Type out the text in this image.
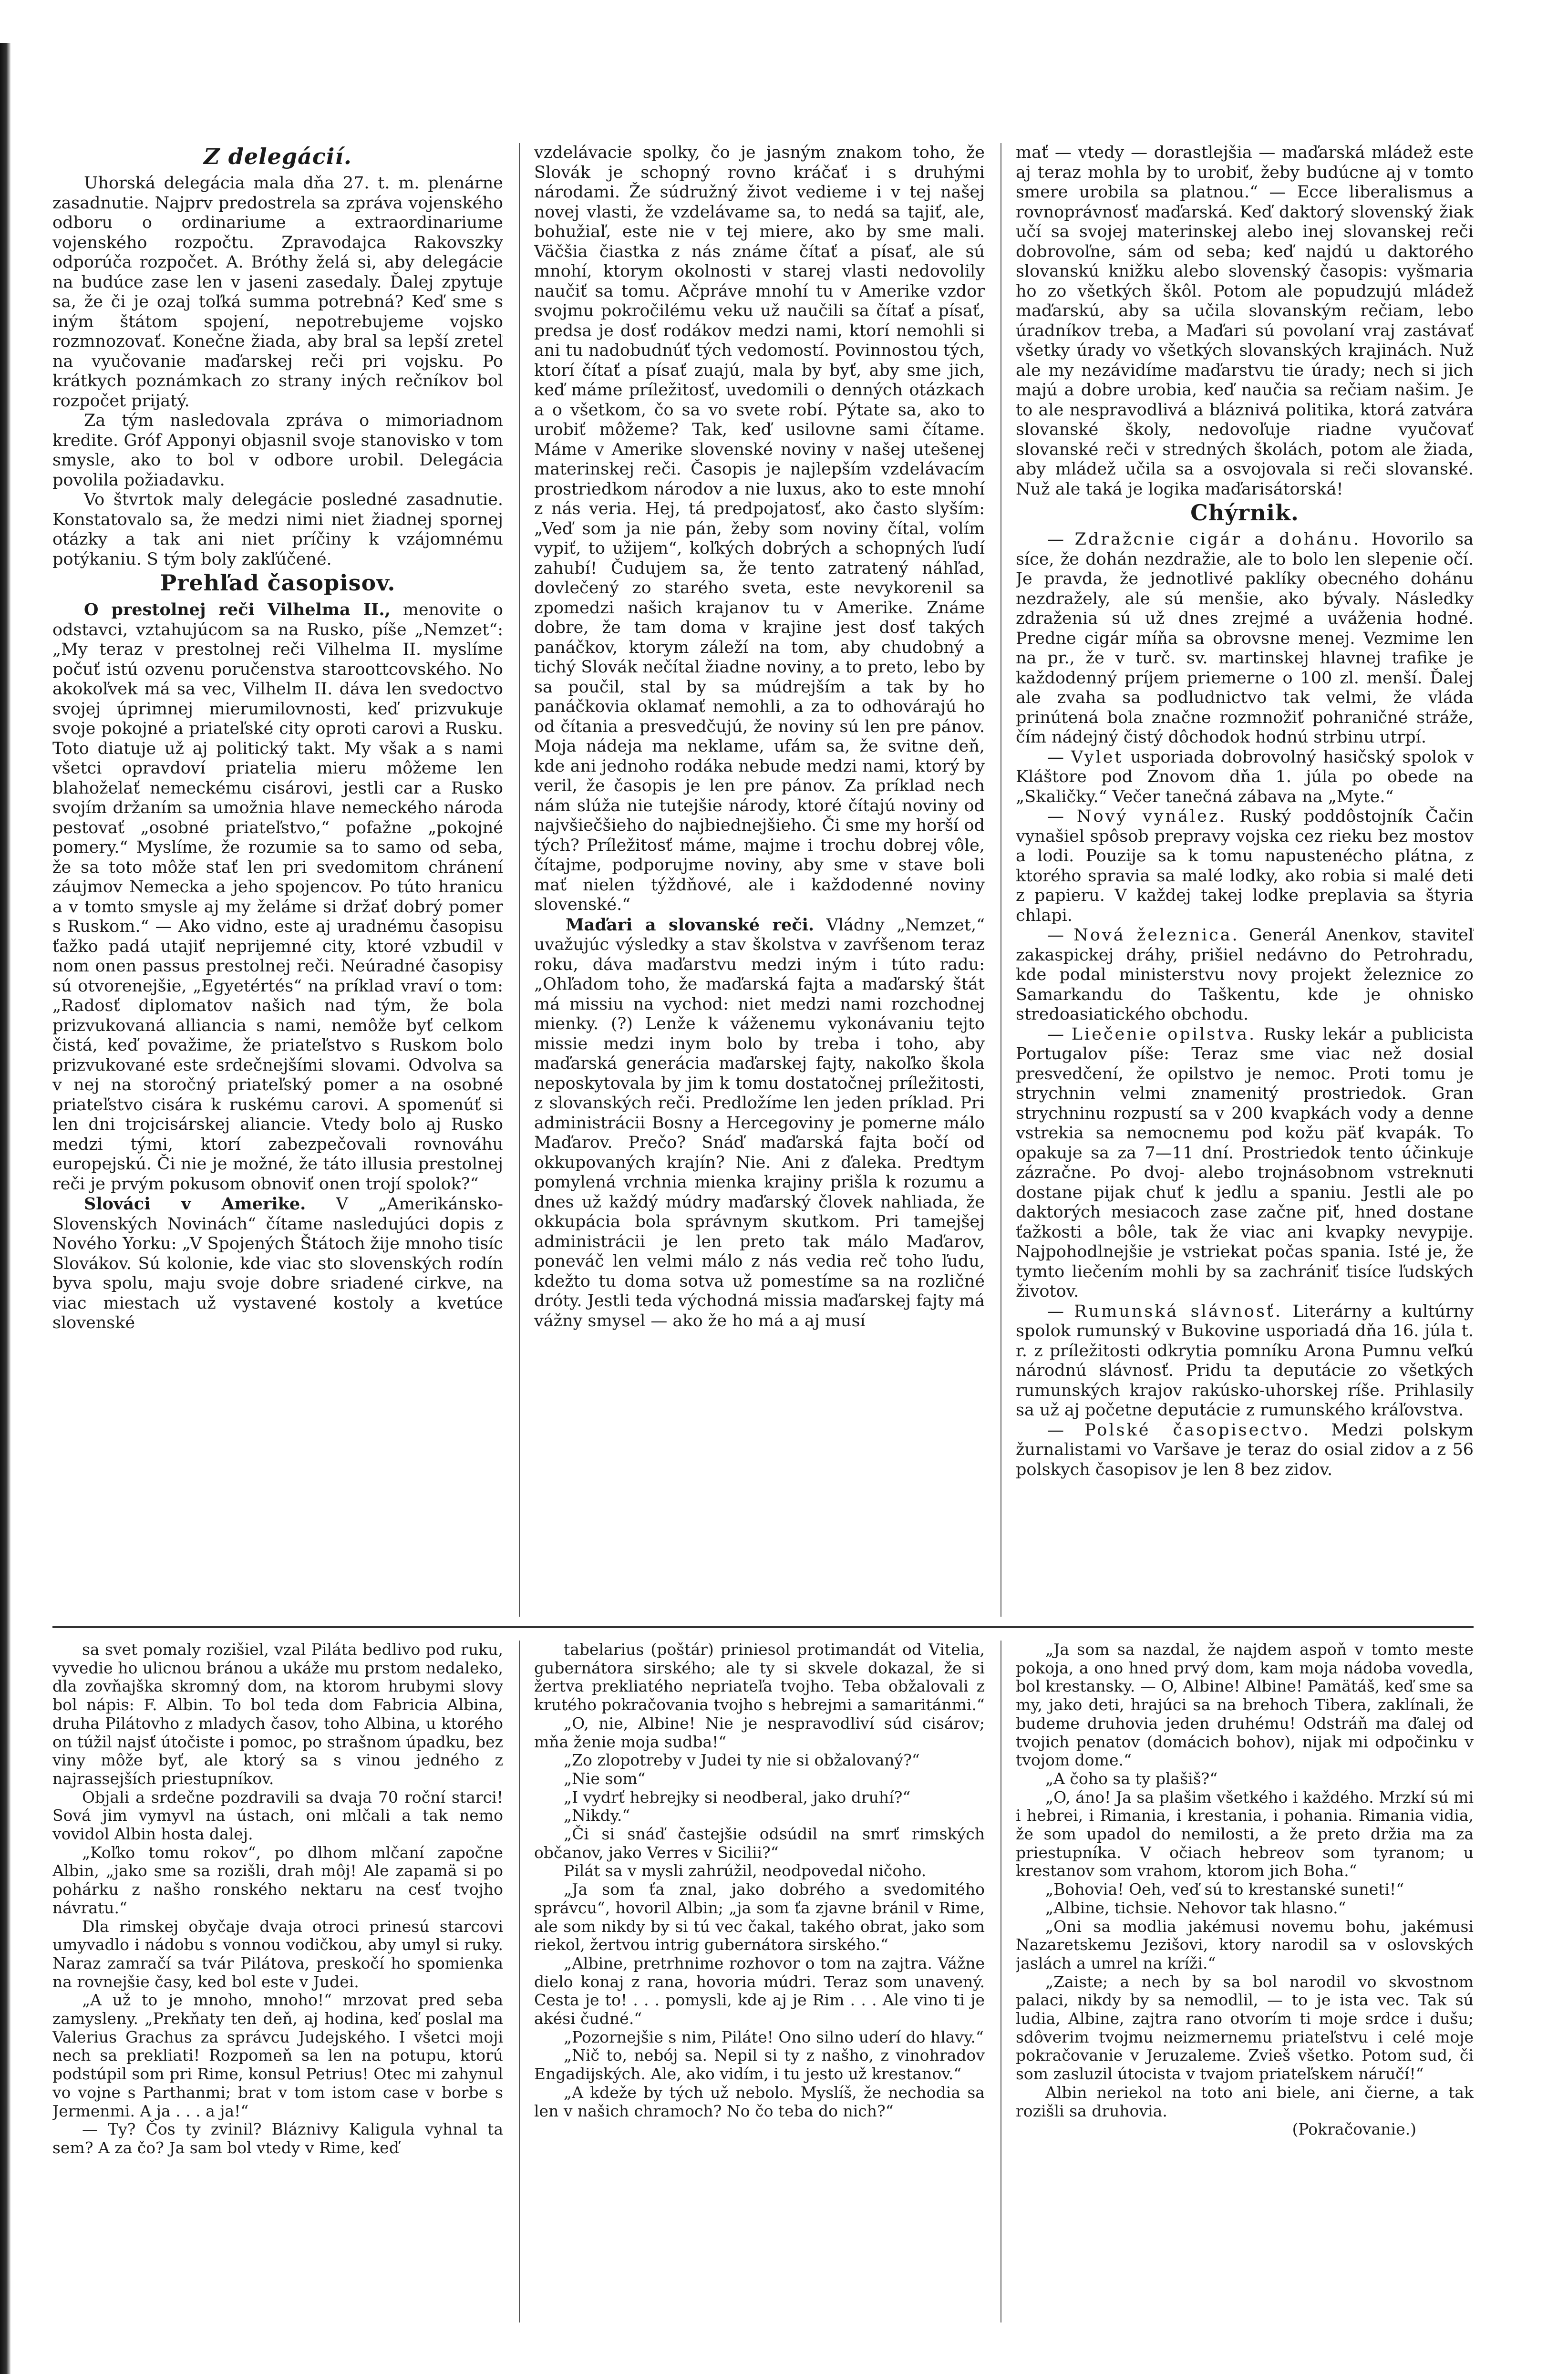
Z delegácií.

Uhorská delegácia mala dňa 27. t. m. plenárne zasadnutie. Najprv predostrela sa zpráva vojenského odboru o ordinariume a extraordinariume vojenského rozpočtu. Zpravodajca Rakovszky odporúča rozpočet. A. Bróthy želá si, aby delegácie na budúce zase len v jaseni zasedaly. Ďalej zpytuje sa, že či je ozaj toľká summa potrebná? Keď sme s iným štátom spojení, nepotrebujeme vojsko rozmnozovať. Konečne žiada, aby bral sa lepší zreteľ na vyučovanie maďarskej reči pri vojsku. Po krátkych poznámkach zo strany iných rečníkov bol rozpočet prijatý.

Za tým nasledovala zpráva o mimoriadnom kredite. Gróf Apponyi objasnil svoje stanovisko v tom smysle, ako to bol v odbore urobil. Delegácia povolila požiadavku.

Vo štvrtok maly delegácie posledné zasadnutie. Konstatovalo sa, že medzi nimi niet žiadnej spornej otázky a tak ani niet príčiny k vzájomnému potýkaniu. S tým boly zakľúčené.

Prehľad časopisov.

O prestolnej reči Vilhelma II., menovite o odstavci, vztahujúcom sa na Rusko, píše „Nemzet“: „My teraz v prestolnej reči Vilhelma II. myslíme počuť istú ozvenu poručenstva staroottcovského. No akokoľvek má sa vec, Vilhelm II. dáva len svedoctvo svojej úprimnej mierumilovnosti, keď prizvukuje svoje pokojné a priateľské city oproti carovi a Rusku. Toto diatuje už aj politický takt. My však a s nami všetci opravdoví priatelia mieru môžeme len blahoželať nemeckému cisárovi, jestli car a Rusko svojím držaním sa umožnia hlave nemeckého národa pestovať „osobné priateľstvo,“ pofažne „pokojné pomery.“ Myslíme, že rozumie sa to samo od seba, že sa toto môže stať len pri svedomitom chránení záujmov Nemecka a jeho spojencov. Po túto hranicu a v tomto smysle aj my želáme si držať dobrý pomer s Ruskom.“ — Ako vidno, este aj uradnému časopisu ťažko padá utajiť neprijemné city, ktoré vzbudil v nom onen passus prestolnej reči. Neúradné časopisy sú otvorenejšie, „Egyetértés“ na príklad vraví o tom: „Radosť diplomatov našich nad tým, že bola prizvukovaná alliancia s nami, nemôže byť celkom čistá, keď považime, že priateľstvo s Ruskom bolo prizvukované este srdečnejšími slovami. Odvolva sa v nej na storočný priateľský pomer a na osobné priateľstvo cisára k ruskému carovi. A spomenúť si len dni trojcisárskej aliancie. Vtedy bolo aj Rusko medzi tými, ktorí zabezpečovali rovnováhu europejskú. Či nie je možné, že táto illusia prestolnej reči je prvým pokusom obnoviť onen trojí spolok?“

Slováci v Amerike. V „Amerikánsko-Slovenských Novinách“ čítame nasledujúci dopis z Nového Yorku: „V Spojených Štátoch žije mnoho tisíc Slovákov. Sú kolonie, kde viac sto slovenských rodín byva spolu, maju svoje dobre sriadené cirkve, na viac miestach už vystavené kostoly a kvetúce slovenské

vzdelávacie spolky, čo je jasným znakom toho, že Slovák je schopný rovno kráčať i s druhými národami. Že súdružný život vedieme i v tej našej novej vlasti, že vzdelávame sa, to nedá sa tajiť, ale, bohužiaľ, este nie v tej miere, ako by sme mali. Väčšia čiastka z nás známe čítať a písať, ale sú mnohí, ktorym okolnosti v starej vlasti nedovolily naučiť sa tomu. Ačpráve mnohí tu v Amerike vzdor svojmu pokročilému veku už naučili sa čítať a písať, predsa je dosť rodákov medzi nami, ktorí nemohli si ani tu nadobudnúť tých vedomostí. Povinnostou tých, ktorí čítať a písať zuajú, mala by byť, aby sme jich, keď máme príležitosť, uvedomili o denných otázkach a o všetkom, čo sa vo svete robí. Pýtate sa, ako to urobiť môžeme? Tak, keď usilovne sami čítame. Máme v Amerike slovenské noviny v našej utešenej materinskej reči. Časopis je najlepším vzdelávacím prostriedkom národov a nie luxus, ako to este mnohí z nás veria. Hej, tá predpojatosť, ako často slyším: „Veď som ja nie pán, žeby som noviny čítal, volím vypiť, to užijem“, koľkých dobrých a schopných ľudí zahubí! Čudujem sa, že tento zatratený náhľad, dovlečený zo starého sveta, este nevykorenil sa zpomedzi našich krajanov tu v Amerike. Známe dobre, že tam doma v krajine jest dosť takých panáčkov, ktorym záleží na tom, aby chudobný a tichý Slovák nečítal žiadne noviny, a to preto, lebo by sa poučil, stal by sa múdrejším a tak by ho panáčkovia oklamať nemohli, a za to odhovárajú ho od čítania a presvedčujú, že noviny sú len pre pánov. Moja nádeja ma neklame, ufám sa, že svitne deň, kde ani jednoho rodáka nebude medzi nami, ktorý by veril, že časopis je len pre pánov. Za príklad nech nám slúža nie tutejšie národy, ktoré čítajú noviny od najvšiečšieho do najbiednejšieho. Či sme my horší od tých? Príležitosť máme, majme i trochu dobrej vôle, čítajme, podporujme noviny, aby sme v stave boli mať nielen týždňové, ale i každodenné noviny slovenské.“

Maďari a slovanské reči. Vládny „Nemzet,“ uvažujúc výsledky a stav školstva v zavŕšenom teraz roku, dáva maďarstvu medzi iným i túto radu: „Ohľadom toho, že maďarská fajta a maďarský štát má missiu na vychod: niet medzi nami rozchodnej mienky. (?) Lenže k váženemu vykonávaniu tejto missie medzi inym bolo by treba i toho, aby maďarská generácia maďarskej fajty, nakoľko škola neposkytovala by jim k tomu dostatočnej príležitosti, z slovanských reči. Predložíme len jeden príklad. Pri administrácii Bosny a Hercegoviny je pomerne málo Maďarov. Prečo? Snáď maďarská fajta bočí od okkupovaných krajín? Nie. Ani z ďaleka. Predtym pomylená vrchnia mienka krajiny prišla k rozumu a dnes už každý múdry maďarský človek nahliada, že okkupácia bola správnym skutkom. Pri tamejšej administrácii je len preto tak málo Maďarov, poneváč len velmi málo z nás vedia reč toho ľudu, kdežto tu doma sotva už pomestíme sa na rozličné dróty. Jestli teda východná missia maďarskej fajty má vážny smysel — ako že ho má a aj musí

mať — vtedy — dorastlejšia — maďarská mládež este aj teraz mohla by to urobiť, žeby budúcne aj v tomto smere urobila sa platnou.“ — Ecce liberalismus a rovnoprávnosť maďarská. Keď daktorý slovenský žiak učí sa svojej materinskej alebo inej slovanskej reči dobrovoľne, sám od seba; keď najdú u daktorého slovanskú knižku alebo slovenský časopis: vyšmaria ho zo všetkých škôl. Potom ale popudzujú mládež maďarskú, aby sa učila slovanským rečiam, lebo úradníkov treba, a Maďari sú povolaní vraj zastávať všetky úrady vo všetkých slovanských krajinách. Nuž ale my nezávidíme maďarstvu tie úrady; nech si jich majú a dobre urobia, keď naučia sa rečiam našim. Je to ale nespravodlivá a bláznivá politika, ktorá zatvára slovanské školy, nedovoľuje riadne vyučovať slovanské reči v stredných školách, potom ale žiada, aby mládež učila sa a osvojovala si reči slovanské. Nuž ale taká je logika maďarisátorská!

Chýrnik.

— Zdražcnie cigár a dohánu. Hovorilo sa síce, že dohán nezdražie, ale to bolo len slepenie očí. Je pravda, že jednotlivé paklíky obecného dohánu nezdražely, ale sú menšie, ako bývaly. Následky zdraženia sú už dnes zrejmé a uváženia hodné. Predne cigár míňa sa obrovsne menej. Vezmime len na pr., že v turč. sv. martinskej hlavnej trafike je každodenný príjem priemerne o 100 zl. menší. Ďalej ale zvaha sa podludnictvo tak velmi, že vláda prinútená bola značne rozmnožiť pohraničné stráže, čím nádejný čistý dôchodok hodnú strbinu utrpí.

— Vylet usporiada dobrovolný hasičský spolok v Kláštore pod Znovom dňa 1. júla po obede na „Skaličky.“ Večer tanečná zábava na „Myte.“

— Nový vynález. Ruský poddôstojník Čačin vynašiel spôsob prepravy vojska cez rieku bez mostov a lodi. Pouzije sa k tomu napustenécho plátna, z ktorého spravia sa malé lodky, ako robia si malé deti z papieru. V každej takej lodke preplavia sa štyria chlapi.

— Nová železnica. Generál Anenkov, staviteľ zakaspickej dráhy, prišiel nedávno do Petrohradu, kde podal ministerstvu novy projekt železnice zo Samarkandu do Taškentu, kde je ohnisko stredoasiatického obchodu.

— Liečenie opilstva. Rusky lekár a publicista Portugalov píše: Teraz sme viac než dosial presvedčení, že opilstvo je nemoc. Proti tomu je strychnin velmi znamenitý prostriedok. Gran strychninu rozpustí sa v 200 kvapkách vody a denne vstrekia sa nemocnemu pod kožu päť kvapák. To opakuje sa za 7—11 dní. Prostriedok tento účinkuje zázračne. Po dvoj- alebo trojnásobnom vstreknuti dostane pijak chuť k jedlu a spaniu. Jestli ale po daktorých mesiacoch zase začne piť, hned dostane ťažkosti a bôle, tak že viac ani kvapky nevypije. Najpohodlnejšie je vstriekat počas spania. Isté je, že tymto liečením mohli by sa zachrániť tisíce ľudských životov.

— Rumunská slávnosť. Literárny a kultúrny spolok rumunský v Bukovine usporiadá dňa 16. júla t. r. z príležitosti odkrytia pomníku Arona Pumnu veľkú národnú slávnosť. Pridu ta deputácie zo všetkých rumunských krajov rakúsko-uhorskej ríše. Prihlasily sa už aj početne deputácie z rumunského kráľovstva.

— Polské časopisectvo. Medzi polskym žurnalistami vo Varšave je teraz do osial zidov a z 56 polskych časopisov je len 8 bez zidov.

sa svet pomaly rozišiel, vzal Piláta bedlivo pod ruku, vyvedie ho ulicnou bránou a ukáže mu prstom nedaleko, dla zovňajška skromný dom, na ktorom hrubymi slovy bol nápis: F. Albin. To bol teda dom Fabricia Albina, druha Pilátovho z mladych časov, toho Albina, u ktorého on túžil najsť útočiste i pomoc, po strašnom úpadku, bez viny môže byť, ale ktorý sa s vinou jedného z najrassejších priestupníkov.

Objali a srdečne pozdravili sa dvaja 70 roční starci! Sová jim vymyvl na ústach, oni mlčali a tak nemo vovidol Albin hosta dalej.

„Koľko tomu rokov“, po dlhom mlčaní započne Albin, „jako sme sa rozišli, drah môj! Ale zapamä si po pohárku z našho ronského nektaru na cesť tvojho návratu.“

Dla rimskej obyčaje dvaja otroci prinesú starcovi umyvadlo i nádobu s vonnou vodičkou, aby umyl si ruky. Naraz zamračí sa tvár Pilátova, preskočí ho spomienka na rovnejšie časy, ked bol este v Judei.

„A už to je mnoho, mnoho!“ mrzovat pred seba zamysleny. „Prekňaty ten deň, aj hodina, keď poslal ma Valerius Grachus za správcu Judejského. I všetci moji nech sa prekliati! Rozpomeň sa len na potupu, ktorú podstúpil som pri Rime, konsul Petrius! Otec mi zahynul vo vojne s Parthanmi; brat v tom istom case v borbe s Jermenmi. A ja . . . a ja!“

— Ty? Čos ty zvinil? Bláznivy Kaligula vyhnal ta sem? A za čo? Ja sam bol vtedy v Rime, keď

tabelarius (poštár) priniesol protimandát od Vitelia, gubernátora sirského; ale ty si skvele dokazal, že si žertva prekliatého nepriateľa tvojho. Teba obžalovali z krutého pokračovania tvojho s hebrejmi a samaritánmi.“

„O, nie, Albine! Nie je nespravodliví súd cisárov; mňa ženie moja sudba!“

„Zo zlopotreby v Judei ty nie si obžalovaný?“

„Nie som“

„I vydrť hebrejky si neodberal, jako druhí?“

„Nikdy.“

„Či si snáď častejšie odsúdil na smrť rimských občanov, jako Verres v Sicilii?“

Pilát sa v mysli zahrúžil, neodpovedal ničoho.

„Ja som ťa znal, jako dobrého a svedomitého správcu“, hovoril Albin; „ja som ťa zjavne bránil v Rime, ale som nikdy by si tú vec čakal, takého obrat, jako som riekol, žertvou intrig gubernátora sirského.“

„Albine, pretrhnime rozhovor o tom na zajtra. Vážne dielo konaj z rana, hovoria múdri. Teraz som unavený. Cesta je to! . . . pomysli, kde aj je Rim . . . Ale vino ti je akési čudné.“

„Pozornejšie s nim, Piláte! Ono silno uderí do hlavy.“

„Nič to, nebój sa. Nepil si ty z našho, z vinohradov Engadijských. Ale, ako vidím, i tu jesto už krestanov.“

„A kdeže by tých už nebolo. Myslíš, že nechodia sa len v našich chramoch? No čo teba do nich?“

„Ja som sa nazdal, že najdem aspoň v tomto meste pokoja, a ono hned prvý dom, kam moja nádoba vovedla, bol krestansky. — O, Albine! Albine! Pamätáš, keď sme sa my, jako deti, hrajúci sa na brehoch Tibera, zaklínali, že budeme druhovia jeden druhému! Odstráň ma ďalej od tvojich penatov (domácich bohov), nijak mi odpočinku v tvojom dome.“

„A čoho sa ty plašiš?“

„O, áno! Ja sa plašim všetkého i každého. Mrzkí sú mi i hebrei, i Rimania, i krestania, i pohania. Rimania vidia, že som upadol do nemilosti, a že preto držia ma za priestupníka. V očiach hebreov som tyranom; u krestanov som vrahom, ktorom jich Boha.“

„Bohovia! Oeh, veď sú to krestanské suneti!“

„Albine, tichsie. Nehovor tak hlasno.“

„Oni sa modlia jakémusi novemu bohu, jakémusi Nazaretskemu Jezišovi, ktory narodil sa v oslovských jaslách a umrel na kríži.“

„Zaiste; a nech by sa bol narodil vo skvostnom palaci, nikdy by sa nemodlil, — to je ista vec. Tak sú ludia, Albine, zajtra rano otvorím ti moje srdce i dušu; sdôverim tvojmu neizmernemu priateľstvu i celé moje pokračovanie v Jeruzaleme. Zvieš všetko. Potom sud, či som zasluzil útocista v tvajom priateľskem náručí!“

Albin neriekol na toto ani biele, ani čierne, a tak rozišli sa druhovia.

(Pokračovanie.)
